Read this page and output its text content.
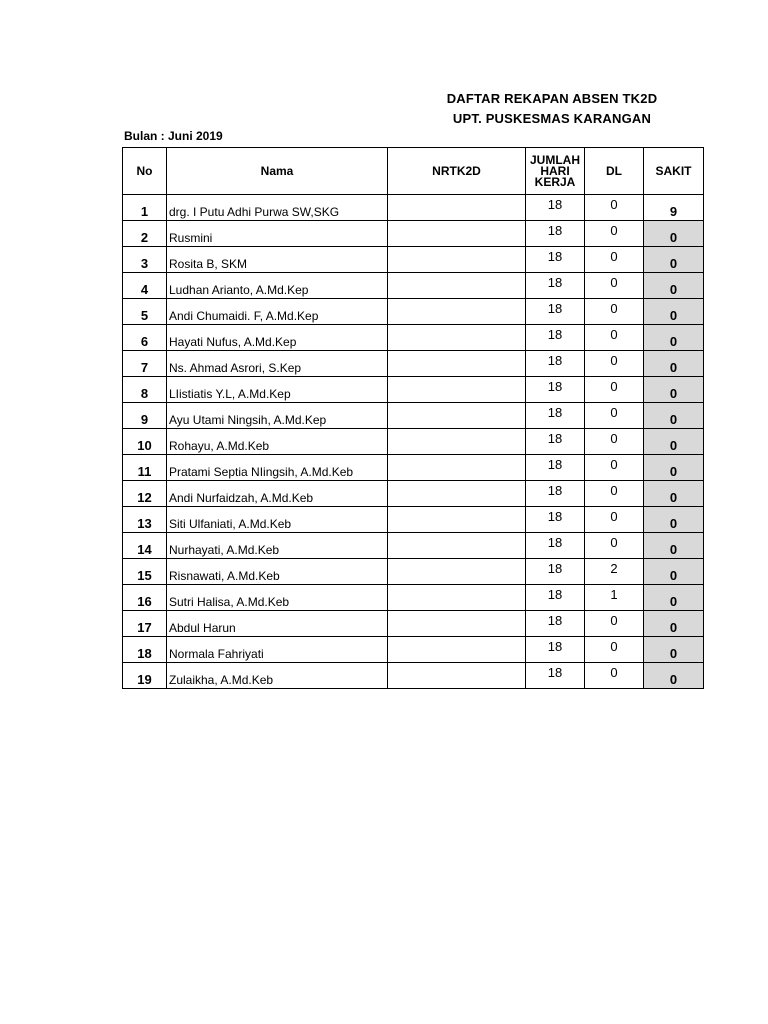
DAFTAR REKAPAN ABSEN TK2D
UPT. PUSKESMAS KARANGAN
Bulan : Juni 2019
No	Nama	NRTK2D	JUMLAH
HARI
KERJA	DL	SAKIT
1	drg. I Putu Adhi Purwa SW,SKG		18	0	9
2	Rusmini		18	0	0
3	Rosita B, SKM		18	0	0
4	Ludhan Arianto, A.Md.Kep		18	0	0
5	Andi Chumaidi. F, A.Md.Kep		18	0	0
6	Hayati Nufus, A.Md.Kep		18	0	0
7	Ns. Ahmad Asrori, S.Kep		18	0	0
8	LIistiatis Y.L, A.Md.Kep		18	0	0
9	Ayu Utami Ningsih, A.Md.Kep		18	0	0
10	Rohayu, A.Md.Keb		18	0	0
11	Pratami Septia NIingsih, A.Md.Keb		18	0	0
12	Andi Nurfaidzah, A.Md.Keb		18	0	0
13	Siti Ulfaniati, A.Md.Keb		18	0	0
14	Nurhayati, A.Md.Keb		18	0	0
15	Risnawati, A.Md.Keb		18	2	0
16	Sutri Halisa, A.Md.Keb		18	1	0
17	Abdul Harun		18	0	0
18	Normala Fahriyati		18	0	0
19	Zulaikha, A.Md.Keb		18	0	0
